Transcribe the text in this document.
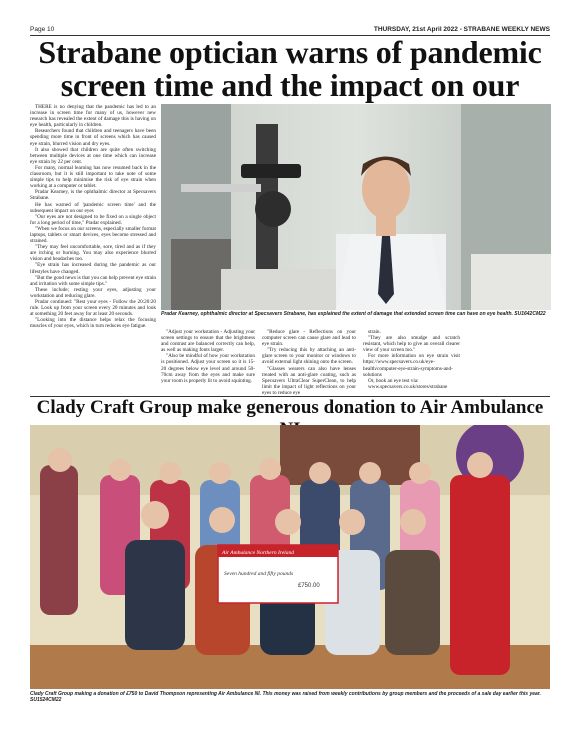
Page 10	THURSDAY, 21st April 2022 - STRABANE WEEKLY NEWS
Strabane optician warns of pandemic screen time and the impact on our

THERE is no denying that the pandemic has led to an increase in screen time for many of us, however new research has revealed the extent of damage this is having on eye health, particularly in children.

Researchers found that children and teenagers have been spending more time in front of screens which has caused eye strain, blurred vision and dry eyes.

It also showed that children are quite often switching between multiple devices at one time which can increase eye strain by 22 per cent.

For many, normal learning has now resumed back in the classroom, but it is still important to take note of some simple tips to help minimise the risk of eye strain when working at a computer or tablet.

Pradar Kearney, is the ophthalmic director at Specsavers Strabane.

He has warned of 'pandemic screen time' and the subsequent impact on our eyes

"Our eyes are not designed to be fixed on a single object for a long period of time," Pradar explained.

"When we focus on our screens, especially smaller format laptops, tablets or smart devices, eyes become stressed and strained.

"They may feel uncomfortable, sore, tired and as if they are itching or burning. You may also experience blurred vision and headaches too.

"Eye strain has increased during the pandemic as our lifestyles have changed.

"But the good news is that you can help prevent eye strain and irritation with some simple tips."

These include; resting your eyes, adjusting your workstation and reducing glare.

Pradar continued: "Rest your eyes - Follow the 20:20:20 rule. Look up from your screen every 20 minutes and look at something 20 feet away for at least 20 seconds.

"Looking into the distance helps relax the focusing muscles of your eyes, which in turn reduces eye fatigue.

Pradar Kearney, ophthalmic director at Specsavers Strabane, has explained the extent of damage that extended screen time can have on eye health. SU1642CM22

"Adjust your workstation - Adjusting your screen settings to ensure that the brightness and contrast are balanced correctly can help, as well as making fonts larger.

"Also be mindful of how your workstation is positioned. Adjust your screen so it is 15-20 degrees below eye level and around 50-70cm away from the eyes and make sure your room is properly lit to avoid squinting.

"Reduce glare - Reflections on your computer screen can cause glare and lead to eye strain.

"Try reducing this by attaching an anti-glare screen to your monitor or windows to avoid external light shining onto the screen.

"Glasses wearers can also have lenses treated with an anti-glare coating, such as Specsavers UltraClear SuperClean, to help limit the impact of light reflections on your eyes to reduce eye

strain.

"They are also smudge and scratch resistant, which help to give an overall clearer view of your screen too."

For more information on eye strain visit https://www.specsavers.co.uk/eye-health/computer-eye-strain-symptoms-and-solutions

Or, book an eye test via:

www.specsavers.co.uk/stores/strabane

Clady Craft Group make generous donation to Air Ambulance
Air Ambulance Northern Ireland
Seven hundred and fifty pounds
£750.00
Clady Craft Group making a donation of £750 to David Thompson representing Air Ambulance NI. This money was raised from weekly contributions by group members and the proceeds of a sale day earlier this year. SU1524CM22
